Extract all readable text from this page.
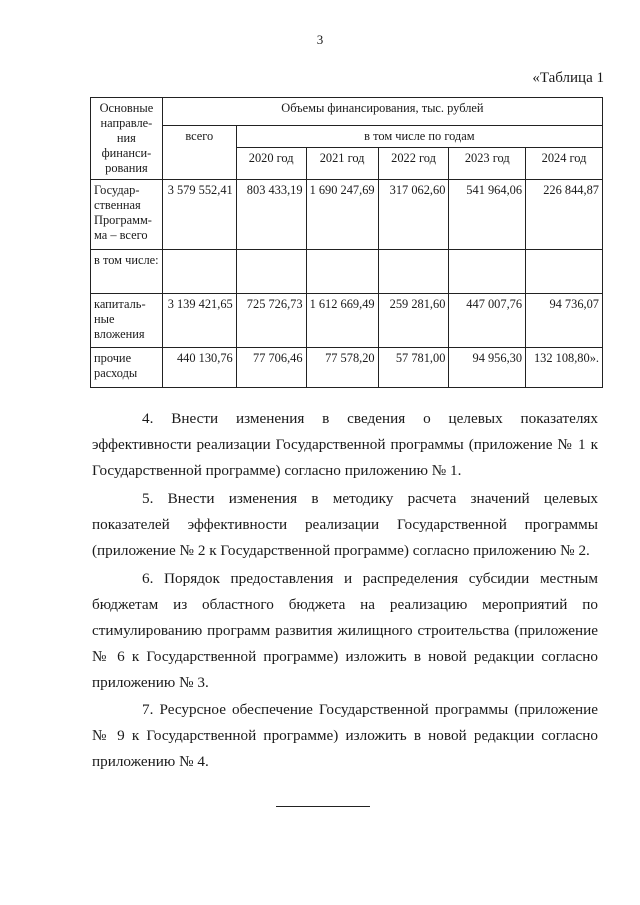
3
«Таблица 1
Основные направле-ния финанси-рования	Объемы финансирования, тыс. рублей					
	всего	в том числе по годам				
		2020 год	2021 год	2022 год	2023 год	2024 год
Государ-ственная Программ-ма – всего	3 579 552,41	803 433,19	1 690 247,69	317 062,60	541 964,06	226 844,87
в том числе:						
капиталь-ные вложения	3 139 421,65	725 726,73	1 612 669,49	259 281,60	447 007,76	94 736,07
прочие расходы	440 130,76	77 706,46	77 578,20	57 781,00	94 956,30	132 108,80».

4. Внести изменения в сведения о целевых показателях эффективности реализации Государственной программы (приложение № 1 к Государственной программе) согласно приложению № 1.

5. Внести изменения в методику расчета значений целевых показателей эффективности реализации Государственной программы (приложение № 2 к Государственной программе) согласно приложению № 2.

6. Порядок предоставления и распределения субсидии местным бюджетам из областного бюджета на реализацию мероприятий по стимулированию программ развития жилищного строительства (приложение № 6 к Государственной программе) изложить в новой редакции согласно приложению № 3.

7. Ресурсное обеспечение Государственной программы (приложение № 9 к Государственной программе) изложить в новой редакции согласно приложению № 4.
